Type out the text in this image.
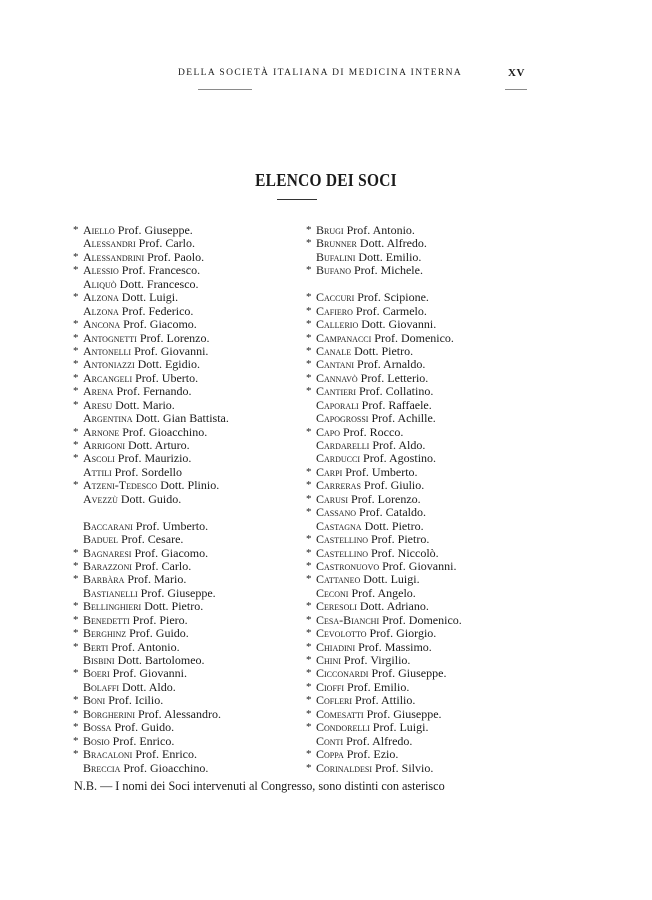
DELLA SOCIETÀ ITALIANA DI MEDICINA INTERNA	XV
ELENCO DEI SOCI
* Aiello Prof. Giuseppe.
Alessandri Prof. Carlo.
* Alessandrini Prof. Paolo.
* Alessio Prof. Francesco.
Aliquò Dott. Francesco.
* Alzona Dott. Luigi.
Alzona Prof. Federico.
* Ancona Prof. Giacomo.
* Antognetti Prof. Lorenzo.
* Antonelli Prof. Giovanni.
* Antoniazzi Dott. Egidio.
* Arcangeli Prof. Uberto.
* Arena Prof. Fernando.
* Aresu Dott. Mario.
Argentina Dott. Gian Battista.
* Arnone Prof. Gioacchino.
* Arrigoni Dott. Arturo.
* Ascoli Prof. Maurizio.
Attili Prof. Sordello
* Atzeni-Tedesco Dott. Plinio.
Avezzù Dott. Guido.
Baccarani Prof. Umberto.
Baduel Prof. Cesare.
* Bagnaresi Prof. Giacomo.
* Barazzoni Prof. Carlo.
* Barbàra Prof. Mario.
Bastianelli Prof. Giuseppe.
* Bellinghieri Dott. Pietro.
* Benedetti Prof. Piero.
* Berghinz Prof. Guido.
* Berti Prof. Antonio.
Bisbini Dott. Bartolomeo.
* Boeri Prof. Giovanni.
Bolaffi Dott. Aldo.
* Boni Prof. Icilio.
* Borgherini Prof. Alessandro.
* Bossa Prof. Guido.
* Bosio Prof. Enrico.
* Bracaloni Prof. Enrico.
Breccia Prof. Gioacchino.
* Brugi Prof. Antonio.
* Brunner Dott. Alfredo.
Bufalini Dott. Emilio.
* Bufano Prof. Michele.
* Caccuri Prof. Scipione.
* Cafiero Prof. Carmelo.
* Callerio Dott. Giovanni.
* Campanacci Prof. Domenico.
* Canale Dott. Pietro.
* Cantani Prof. Arnaldo.
* Cannavò Prof. Letterio.
* Cantieri Prof. Collatino.
Caporali Prof. Raffaele.
Capogrossi Prof. Achille.
* Capo Prof. Rocco.
Cardarelli Prof. Aldo.
Carducci Prof. Agostino.
* Carpi Prof. Umberto.
* Carreras Prof. Giulio.
* Carusi Prof. Lorenzo.
* Cassano Prof. Cataldo.
Castagna Dott. Pietro.
* Castellino Prof. Pietro.
* Castellino Prof. Niccolò.
* Castronuovo Prof. Giovanni.
* Cattaneo Dott. Luigi.
Ceconi Prof. Angelo.
* Ceresoli Dott. Adriano.
* Cesa-Bianchi Prof. Domenico.
* Cevolotto Prof. Giorgio.
* Chiadini Prof. Massimo.
* Chini Prof. Virgilio.
* Cicconardi Prof. Giuseppe.
* Cioffi Prof. Emilio.
* Cofleri Prof. Attilio.
* Comesatti Prof. Giuseppe.
* Condorelli Prof. Luigi.
Conti Prof. Alfredo.
* Coppa Prof. Ezio.
* Corinaldesi Prof. Silvio.
N.B. — I nomi dei Soci intervenuti al Congresso, sono distinti con asterisco
